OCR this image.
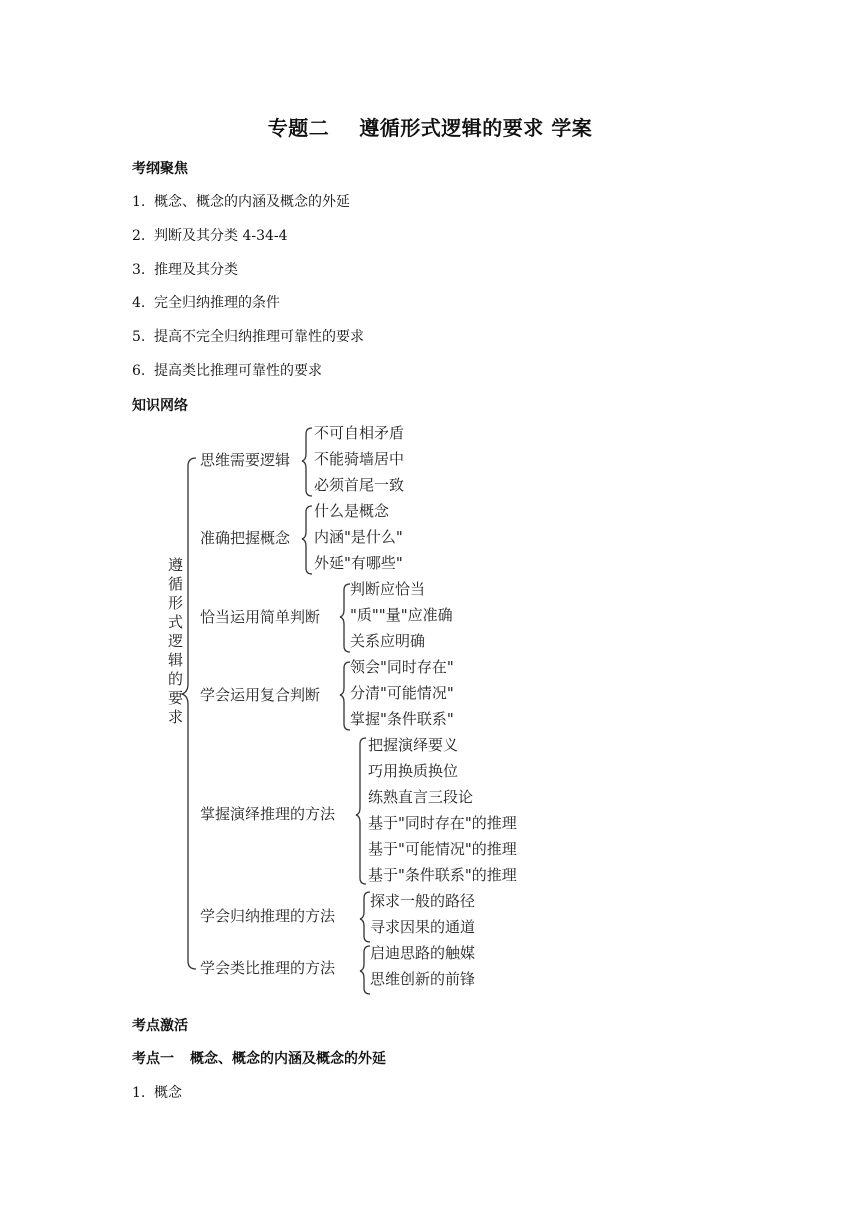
专题二 遵循形式逻辑的要求 学案
考纲聚焦
1. 概念、概念的内涵及概念的外延
2. 判断及其分类 4-34-4
3. 推理及其分类
4. 完全归纳推理的条件
5. 提高不完全归纳推理可靠性的要求
6. 提高类比推理可靠性的要求
知识网络
遵
循
形
式
逻
辑
的
要
求
思维需要逻辑
准确把握概念
恰当运用简单判断
学会运用复合判断
掌握演绎推理的方法
学会归纳推理的方法
学会类比推理的方法
不可自相矛盾
不能骑墙居中
必须首尾一致
什么是概念
内涵"是什么"
外延"有哪些"
判断应恰当
"质""量"应准确
关系应明确
领会"同时存在"
分清"可能情况"
掌握"条件联系"
把握演绎要义
巧用换质换位
练熟直言三段论
基于"同时存在"的推理
基于"可能情况"的推理
基于"条件联系"的推理
探求一般的路径
寻求因果的通道
启迪思路的触媒
思维创新的前锋
考点激活
考点一 概念、概念的内涵及概念的外延
1. 概念
